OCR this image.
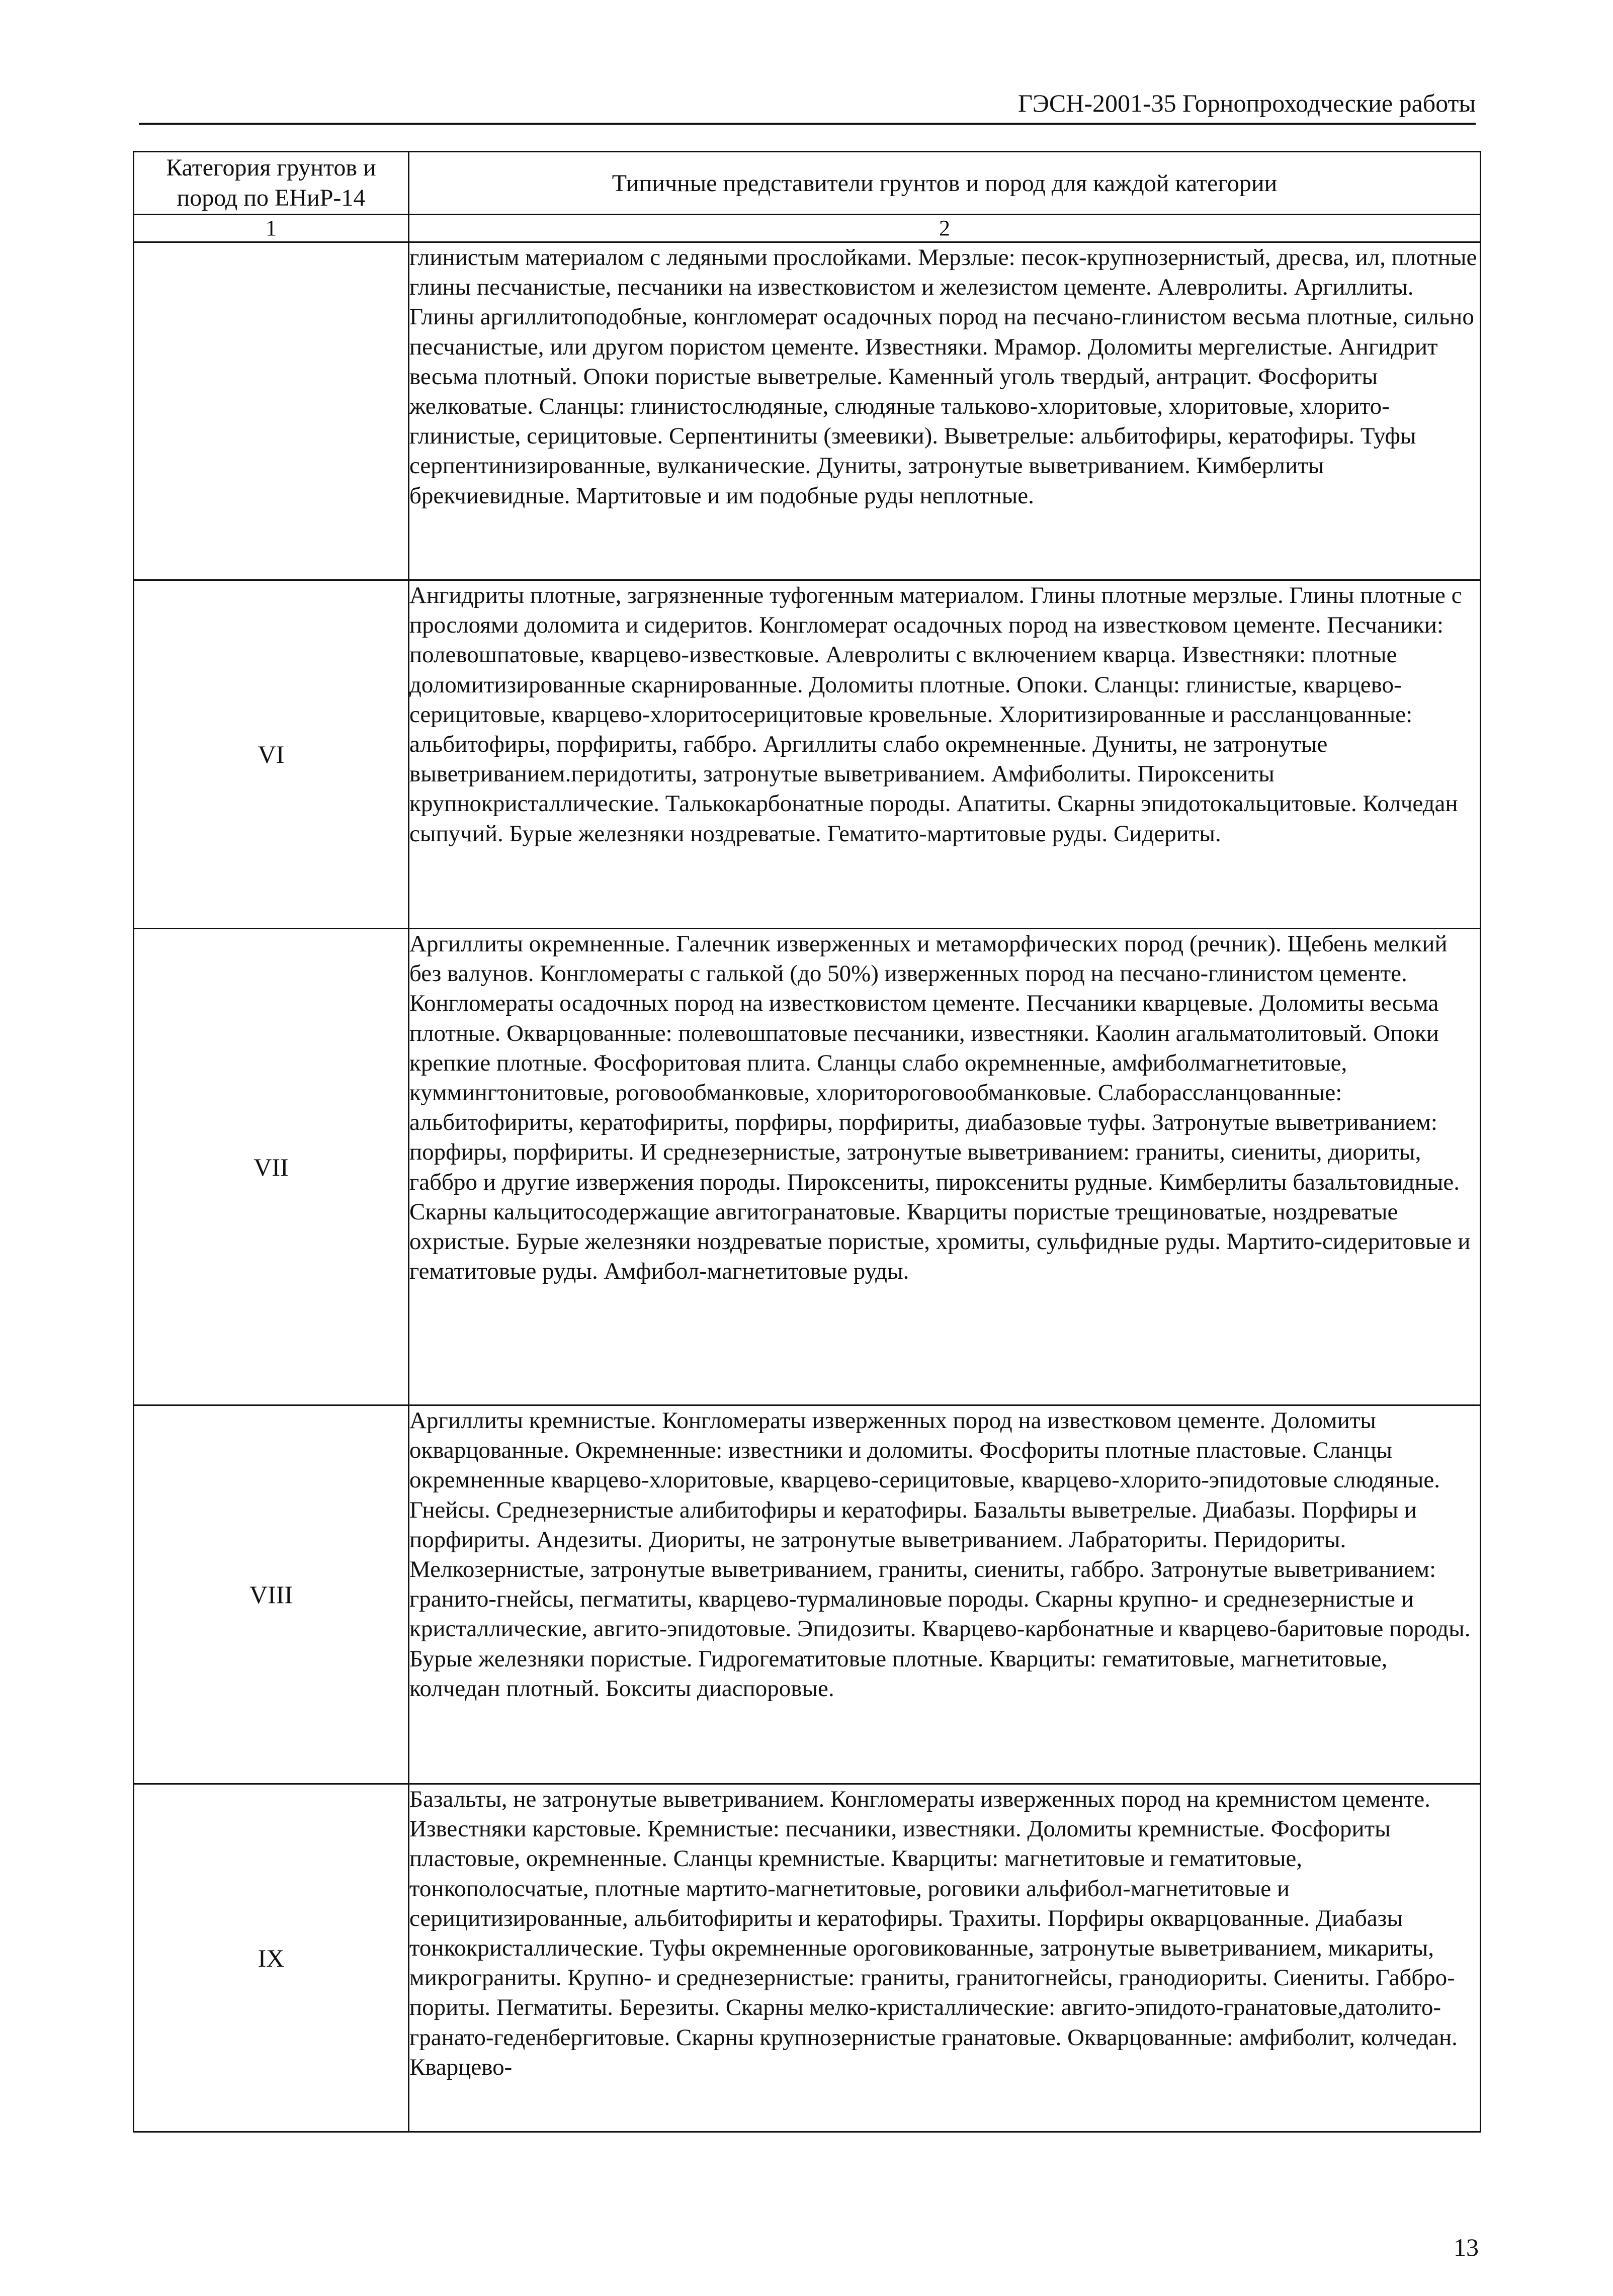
ГЭСН-2001-35 Горнопроходческие работы
Категория грунтов и пород по ЕНиР-14	Типичные представители грунтов и пород для каждой категории
1	2
	глинистым материалом с ледяными прослойками. Мерзлые: песок-крупнозернистый, дресва, ил, плотные глины песчанистые, песчаники на известковистом и железистом цементе. Алевролиты. Аргиллиты. Глины аргиллитоподобные, конгломерат осадочных пород на песчано-глинистом весьма плотные, сильно песчанистые, или другом пористом цементе. Известняки. Мрамор. Доломиты мергелистые. Ангидрит весьма плотный. Опоки пористые выветрелые. Каменный уголь твердый, антрацит. Фосфориты желковатые. Сланцы: глинистослюдяные, слюдяные тальково-хлоритовые, хлоритовые, хлорито-глинистые, серицитовые. Серпентиниты (змеевики). Выветрелые: альбитофиры, кератофиры. Туфы серпентинизированные, вулканические. Дуниты, затронутые выветриванием. Кимберлиты брекчиевидные. Мартитовые и им подобные руды неплотные.
VI	Ангидриты плотные, загрязненные туфогенным материалом. Глины плотные мерзлые. Глины плотные с прослоями доломита и сидеритов. Конгломерат осадочных пород на известковом цементе. Песчаники: полевошпатовые, кварцево-известковые. Алевролиты с включением кварца. Известняки: плотные доломитизированные скарнированные. Доломиты плотные. Опоки. Сланцы: глинистые, кварцево-серицитовые, кварцево-хлоритосерицитовые кровельные. Хлоритизированные и рассланцованные: альбитофиры, порфириты, габбро. Аргиллиты слабо окремненные. Дуниты, не затронутые выветриванием.перидотиты, затронутые выветриванием. Амфиболиты. Пироксениты крупнокристаллические. Талькокарбонатные породы. Апатиты. Скарны эпидотокальцитовые. Колчедан сыпучий. Бурые железняки ноздреватые. Гематито-мартитовые руды. Сидериты.
VII	Аргиллиты окремненные. Галечник изверженных и метаморфических пород (речник). Щебень мелкий без валунов. Конгломераты с галькой (до 50%) изверженных пород на песчано-глинистом цементе. Конгломераты осадочных пород на известковистом цементе. Песчаники кварцевые. Доломиты весьма плотные. Окварцованные: полевошпатовые песчаники, известняки. Каолин агальматолитовый. Опоки крепкие плотные. Фосфоритовая плита. Сланцы слабо окремненные, амфиболмагнетитовые, куммингтонитовые, роговообманковые, хлоритороговообманковые. Слаборассланцованные: альбитофириты, кератофириты, порфиры, порфириты, диабазовые туфы. Затронутые выветриванием: порфиры, порфириты. И среднезернистые, затронутые выветриванием: граниты, сиениты, диориты, габбро и другие извержения породы. Пироксениты, пироксениты рудные. Кимберлиты базальтовидные. Скарны кальцитосодержащие авгитогранатовые. Кварциты пористые трещиноватые, ноздреватые охристые. Бурые железняки ноздреватые пористые, хромиты, сульфидные руды. Мартито-сидеритовые и гематитовые руды. Амфибол-магнетитовые руды.
VIII	Аргиллиты кремнистые. Конгломераты изверженных пород на известковом цементе. Доломиты окварцованные. Окремненные: известники и доломиты. Фосфориты плотные пластовые. Сланцы окремненные кварцево-хлоритовые, кварцево-серицитовые, кварцево-хлорито-эпидотовые слюдяные. Гнейсы. Среднезернистые алибитофиры и кератофиры. Базальты выветрелые. Диабазы. Порфиры и порфириты. Андезиты. Диориты, не затронутые выветриванием. Лабраториты. Перидориты. Мелкозернистые, затронутые выветриванием, граниты, сиениты, габбро. Затронутые выветриванием: гранито-гнейсы, пегматиты, кварцево-турмалиновые породы. Скарны крупно- и среднезернистые и кристаллические, авгито-эпидотовые. Эпидозиты. Кварцево-карбонатные и кварцево-баритовые породы. Бурые железняки пористые. Гидрогематитовые плотные. Кварциты: гематитовые, магнетитовые, колчедан плотный. Бокситы диаспоровые.
IX	Базальты, не затронутые выветриванием. Конгломераты изверженных пород на кремнистом цементе. Известняки карстовые. Кремнистые: песчаники, известняки. Доломиты кремнистые. Фосфориты пластовые, окремненные. Сланцы кремнистые. Кварциты: магнетитовые и гематитовые, тонкополосчатые, плотные мартито-магнетитовые, роговики альфибол-магнетитовые и серицитизированные, альбитофириты и кератофиры. Трахиты. Порфиры окварцованные. Диабазы тонкокристаллические. Туфы окремненные ороговикованные, затронутые выветриванием, микариты, микрограниты. Крупно- и среднезернистые: граниты, гранитогнейсы, гранодиориты. Сиениты. Габбро-пориты. Пегматиты. Березиты. Скарны мелко-кристаллические: авгито-эпидото-гранатовые,датолито-гранато-геденбергитовые. Скарны крупнозернистые гранатовые. Окварцованные: амфиболит, колчедан. Кварцево-
13
